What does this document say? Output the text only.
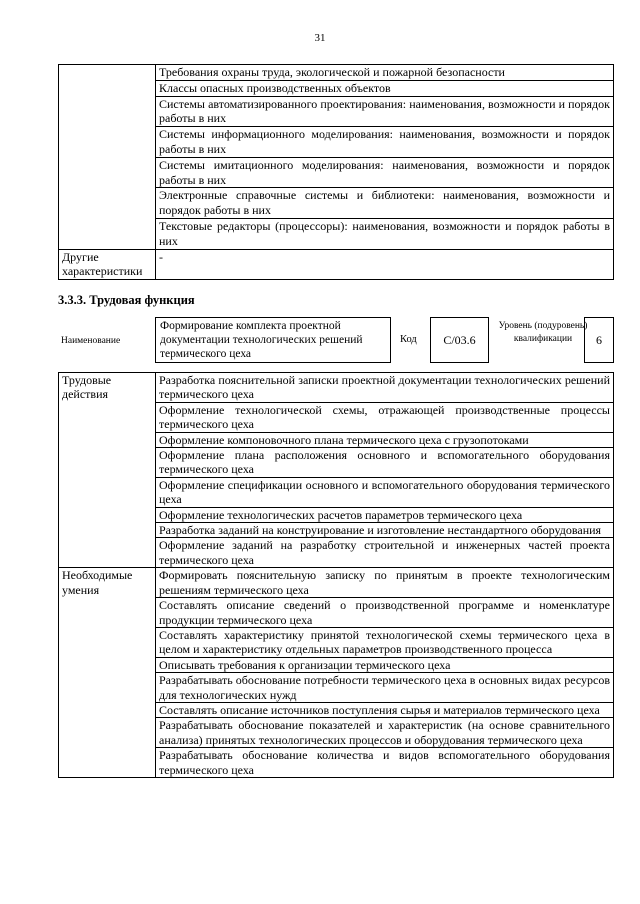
31
	Требования охраны труда, экологической и пожарной безопасности
	Классы опасных производственных объектов
	Системы автоматизированного проектирования: наименования, возможности и порядок работы в них
	Системы информационного моделирования: наименования, возможности и порядок работы в них
	Системы имитационного моделирования: наименования, возможности и порядок работы в них
	Электронные справочные системы и библиотеки: наименования, возможности и порядок работы в них
	Текстовые редакторы (процессоры): наименования, возможности и порядок работы в них
Другие характеристики	-
3.3.3. Трудовая функция
Наименование
Формирование комплекта проектной документации технологических решений термического цеха
Код	С/03.6
Уровень (подуровень) квалификации	6
Трудовые действия	Разработка пояснительной записки проектной документации технологических решений термического цеха
	Оформление технологической схемы, отражающей производственные процессы термического цеха
	Оформление компоновочного плана термического цеха с грузопотоками
	Оформление плана расположения основного и вспомогательного оборудования термического цеха
	Оформление спецификации основного и вспомогательного оборудования термического цеха
	Оформление технологических расчетов параметров термического цеха
	Разработка заданий на конструирование и изготовление нестандартного оборудования
	Оформление заданий на разработку строительной и инженерных частей проекта термического цеха
Необходимые умения	Формировать пояснительную записку по принятым в проекте технологическим решениям термического цеха
	Составлять описание сведений о производственной программе и номенклатуре продукции термического цеха
	Составлять характеристику принятой технологической схемы термического цеха в целом и характеристику отдельных параметров производственного процесса
	Описывать требования к организации термического цеха
	Разрабатывать обоснование потребности термического цеха в основных видах ресурсов для технологических нужд
	Составлять описание источников поступления сырья и материалов термического цеха
	Разрабатывать обоснование показателей и характеристик (на основе сравнительного анализа) принятых технологических процессов и оборудования термического цеха
	Разрабатывать обоснование количества и видов вспомогательного оборудования термического цеха
